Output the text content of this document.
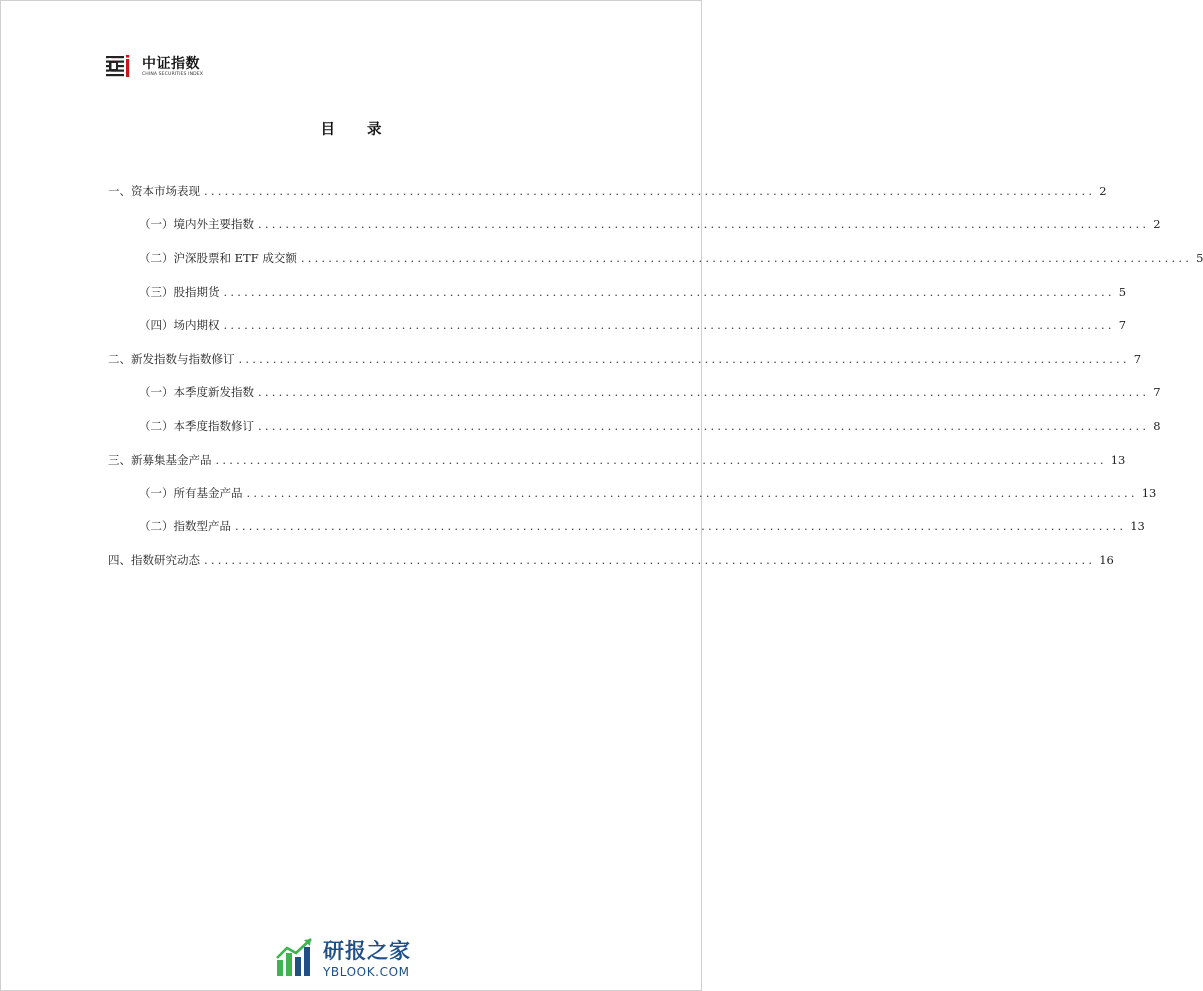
中证指数
CHINA SECURITIES INDEX
目 录
一、 资本市场表现 .................................................................................................................................. 2
（一） 境内外主要指数 .................................................................................................................................. 2
（二） 沪深股票和 ETF 成交额 .................................................................................................................................. 5
（三） 股指期货 .................................................................................................................................. 5
（四） 场内期权 .................................................................................................................................. 7
二、 新发指数与指数修订 .................................................................................................................................. 7
（一） 本季度新发指数 .................................................................................................................................. 7
（二） 本季度指数修订 .................................................................................................................................. 8
三、 新募集基金产品 .................................................................................................................................. 13
（一） 所有基金产品 .................................................................................................................................. 13
（二） 指数型产品 .................................................................................................................................. 13
四、 指数研究动态 .................................................................................................................................. 16
研报之家
YBLOOK.COM
